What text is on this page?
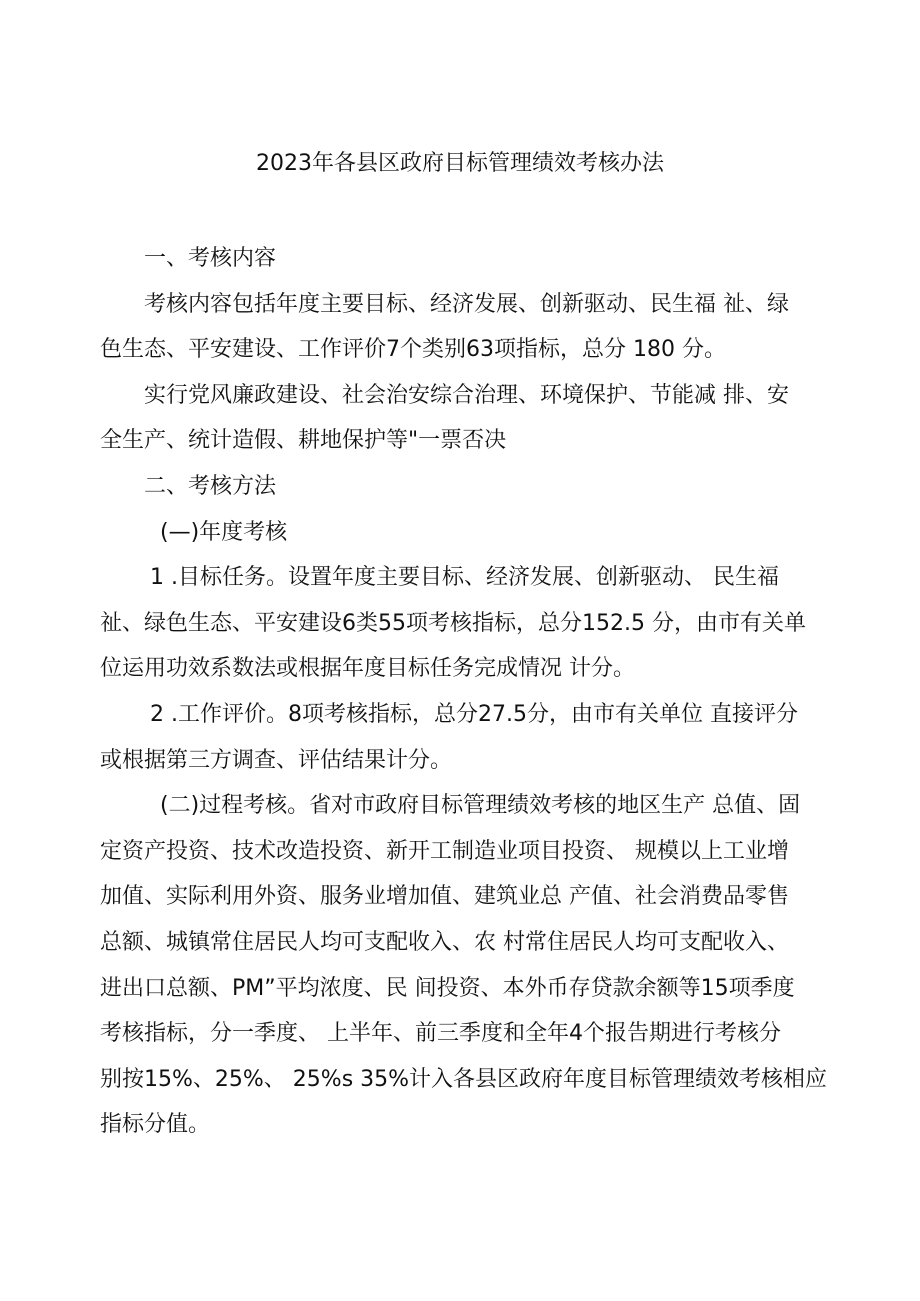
2023年各县区政府目标管理绩效考核办法

一、考核内容

考核内容包括年度主要目标、经济发展、创新驱动、民生福 祉、绿

色生态、平安建设、工作评价7个类别63项指标，总分 180 分。

实行党风廉政建设、社会治安综合治理、环境保护、节能减 排、安

全生产、统计造假、耕地保护等"一票否决

二、考核方法

(—)年度考核

1 .目标任务。设置年度主要目标、经济发展、创新驱动、 民生福

祉、绿色生态、平安建设6类55项考核指标，总分152.5 分，由市有关单

位运用功效系数法或根据年度目标任务完成情况 计分。

2 .工作评价。8项考核指标，总分27.5分，由市有关单位 直接评分

或根据第三方调查、评估结果计分。

(二)过程考核。省对市政府目标管理绩效考核的地区生产 总值、固

定资产投资、技术改造投资、新开工制造业项目投资、 规模以上工业增

加值、实际利用外资、服务业增加值、建筑业总 产值、社会消费品零售

总额、城镇常住居民人均可支配收入、农 村常住居民人均可支配收入、

进出口总额、PM”平均浓度、民 间投资、本外币存贷款余额等15项季度

考核指标，分一季度、 上半年、前三季度和全年4个报告期进行考核分

别按15%、25%、 25%s 35%计入各县区政府年度目标管理绩效考核相应

指标分值。
